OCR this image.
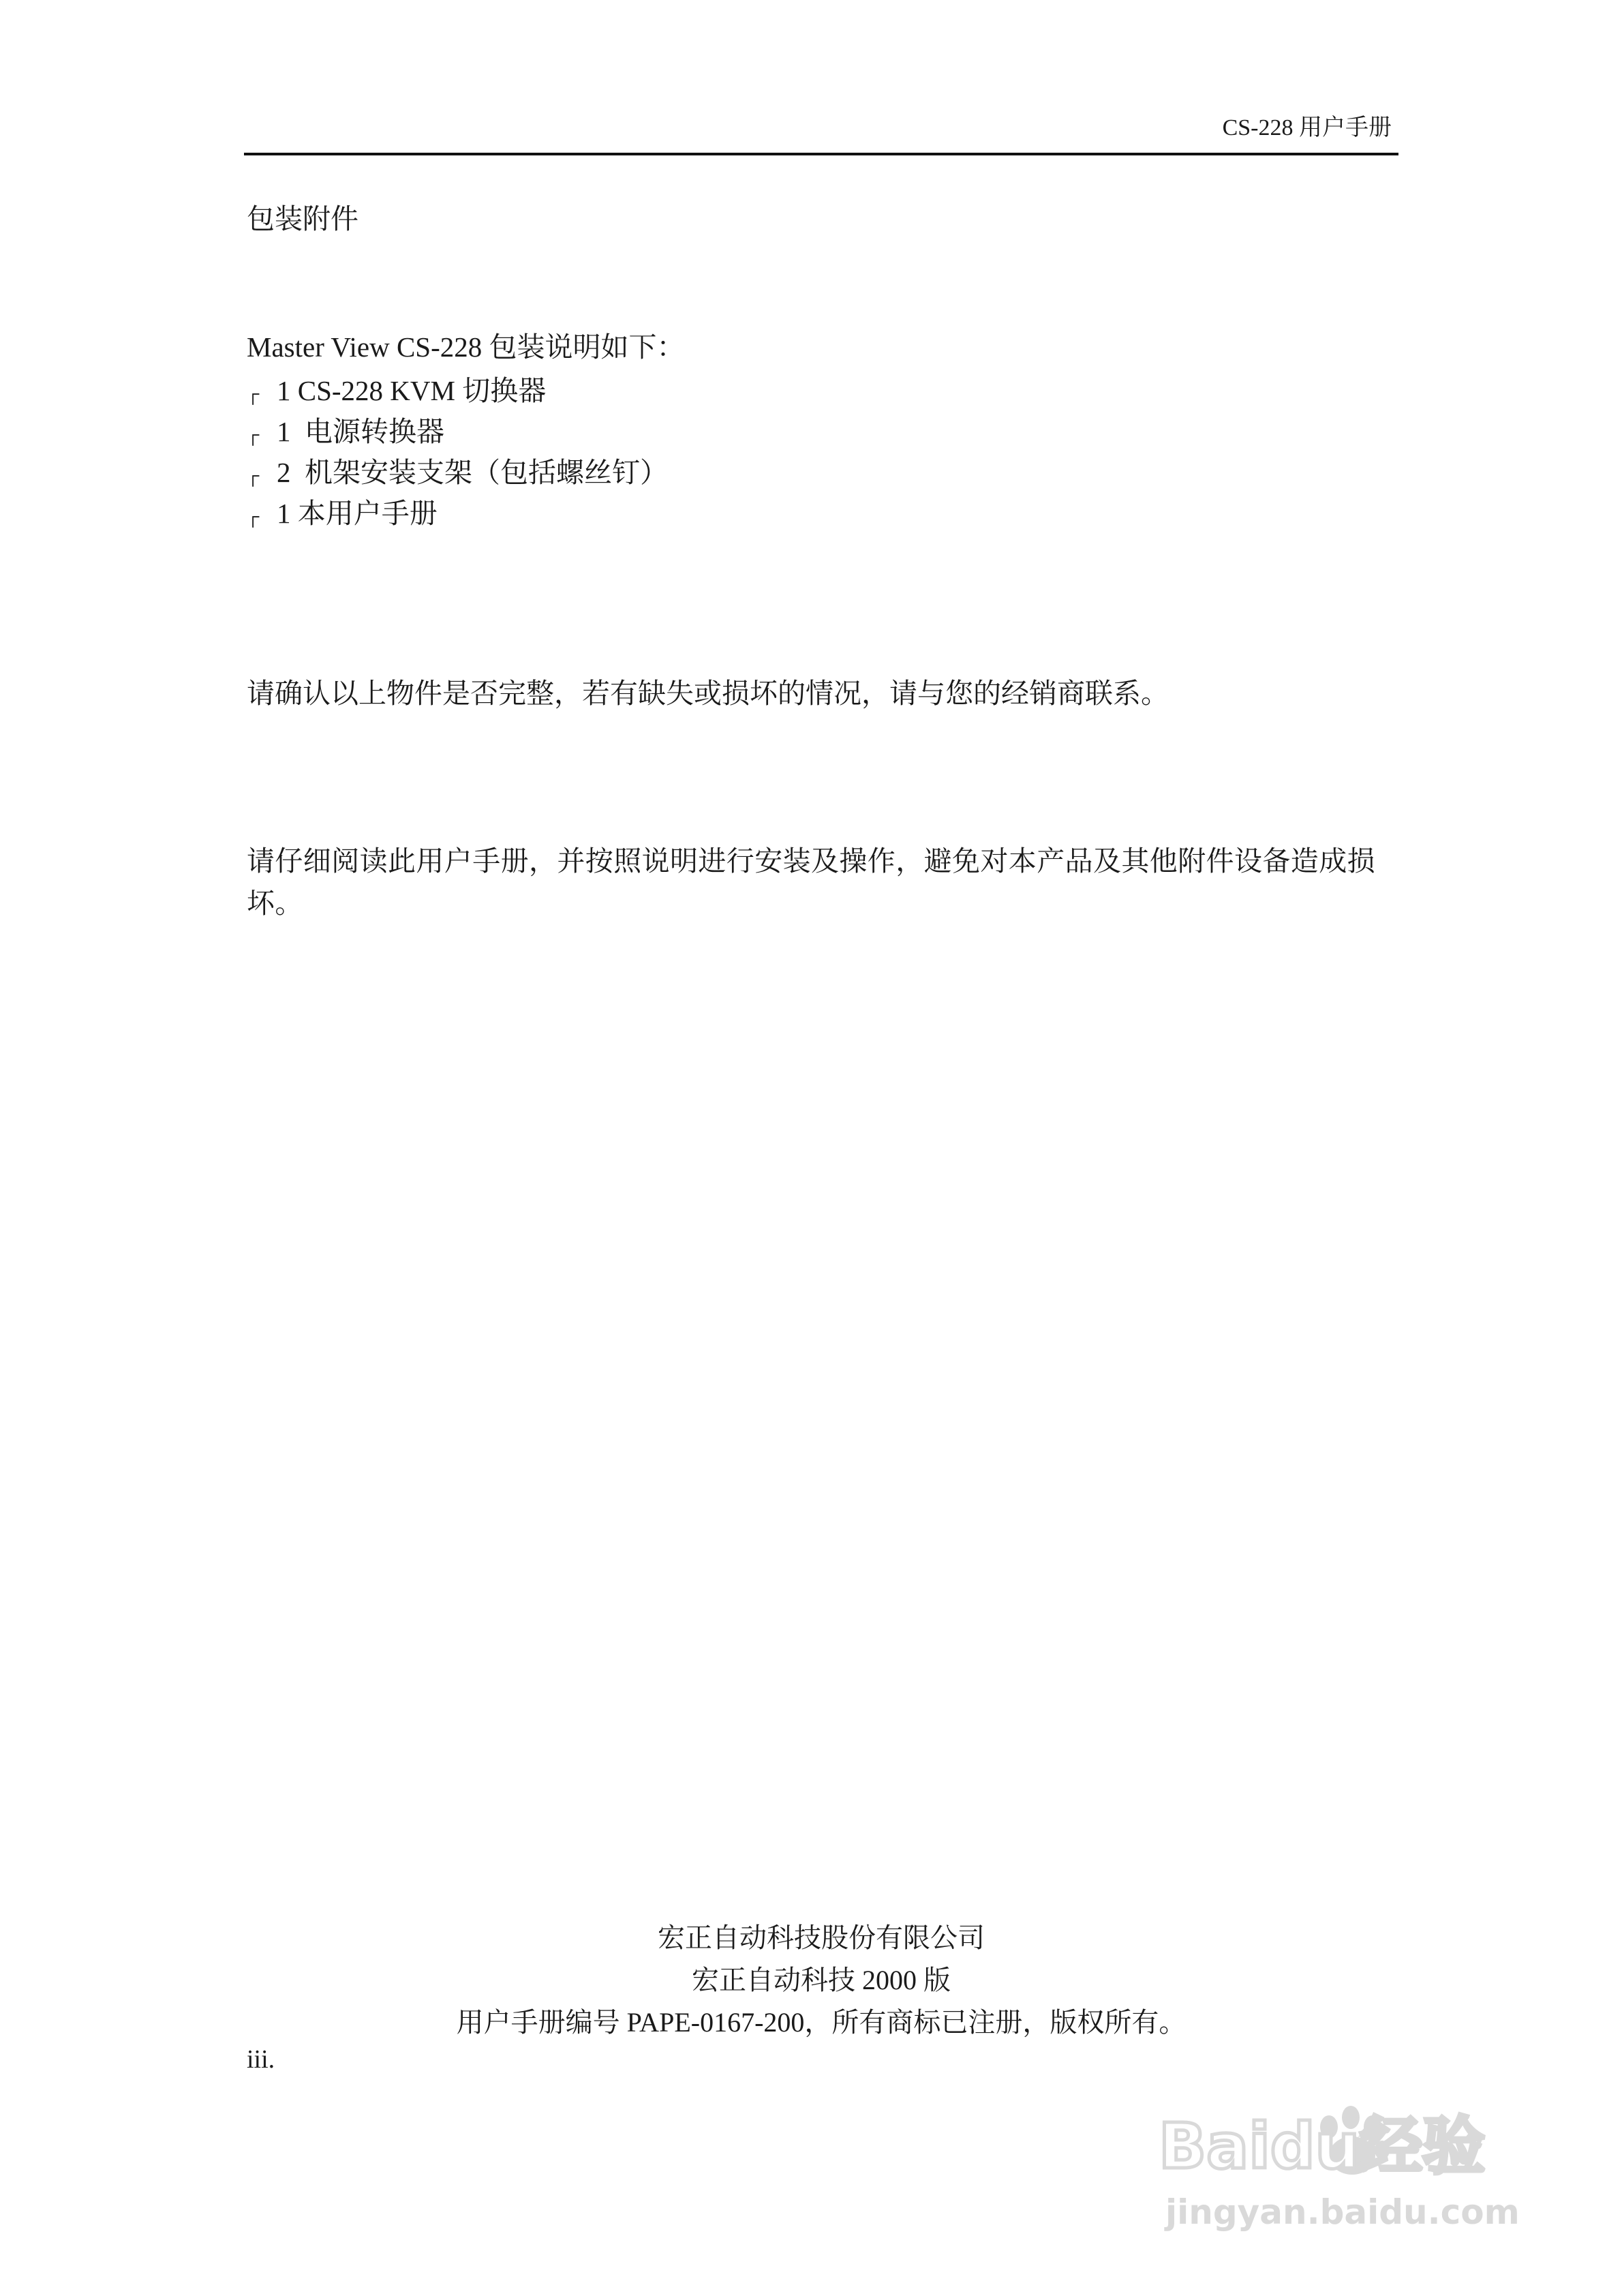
CS-228 用户手册
包装附件
Master View CS-228 包装说明如下：
┌ 1 CS-228 KVM 切换器
┌ 1  电源转换器
┌ 2  机架安装支架（包括螺丝钉）
┌ 1 本用户手册
请确认以上物件是否完整，若有缺失或损坏的情况，请与您的经销商联系。
请仔细阅读此用户手册，并按照说明进行安装及操作，避免对本产品及其他附件设备造成损坏。
宏正自动科技股份有限公司
宏正自动科技 2000 版
用户手册编号 PAPE-0167-200，所有商标已注册，版权所有。
iii.
Baidu经验
jingyan.baidu.com
